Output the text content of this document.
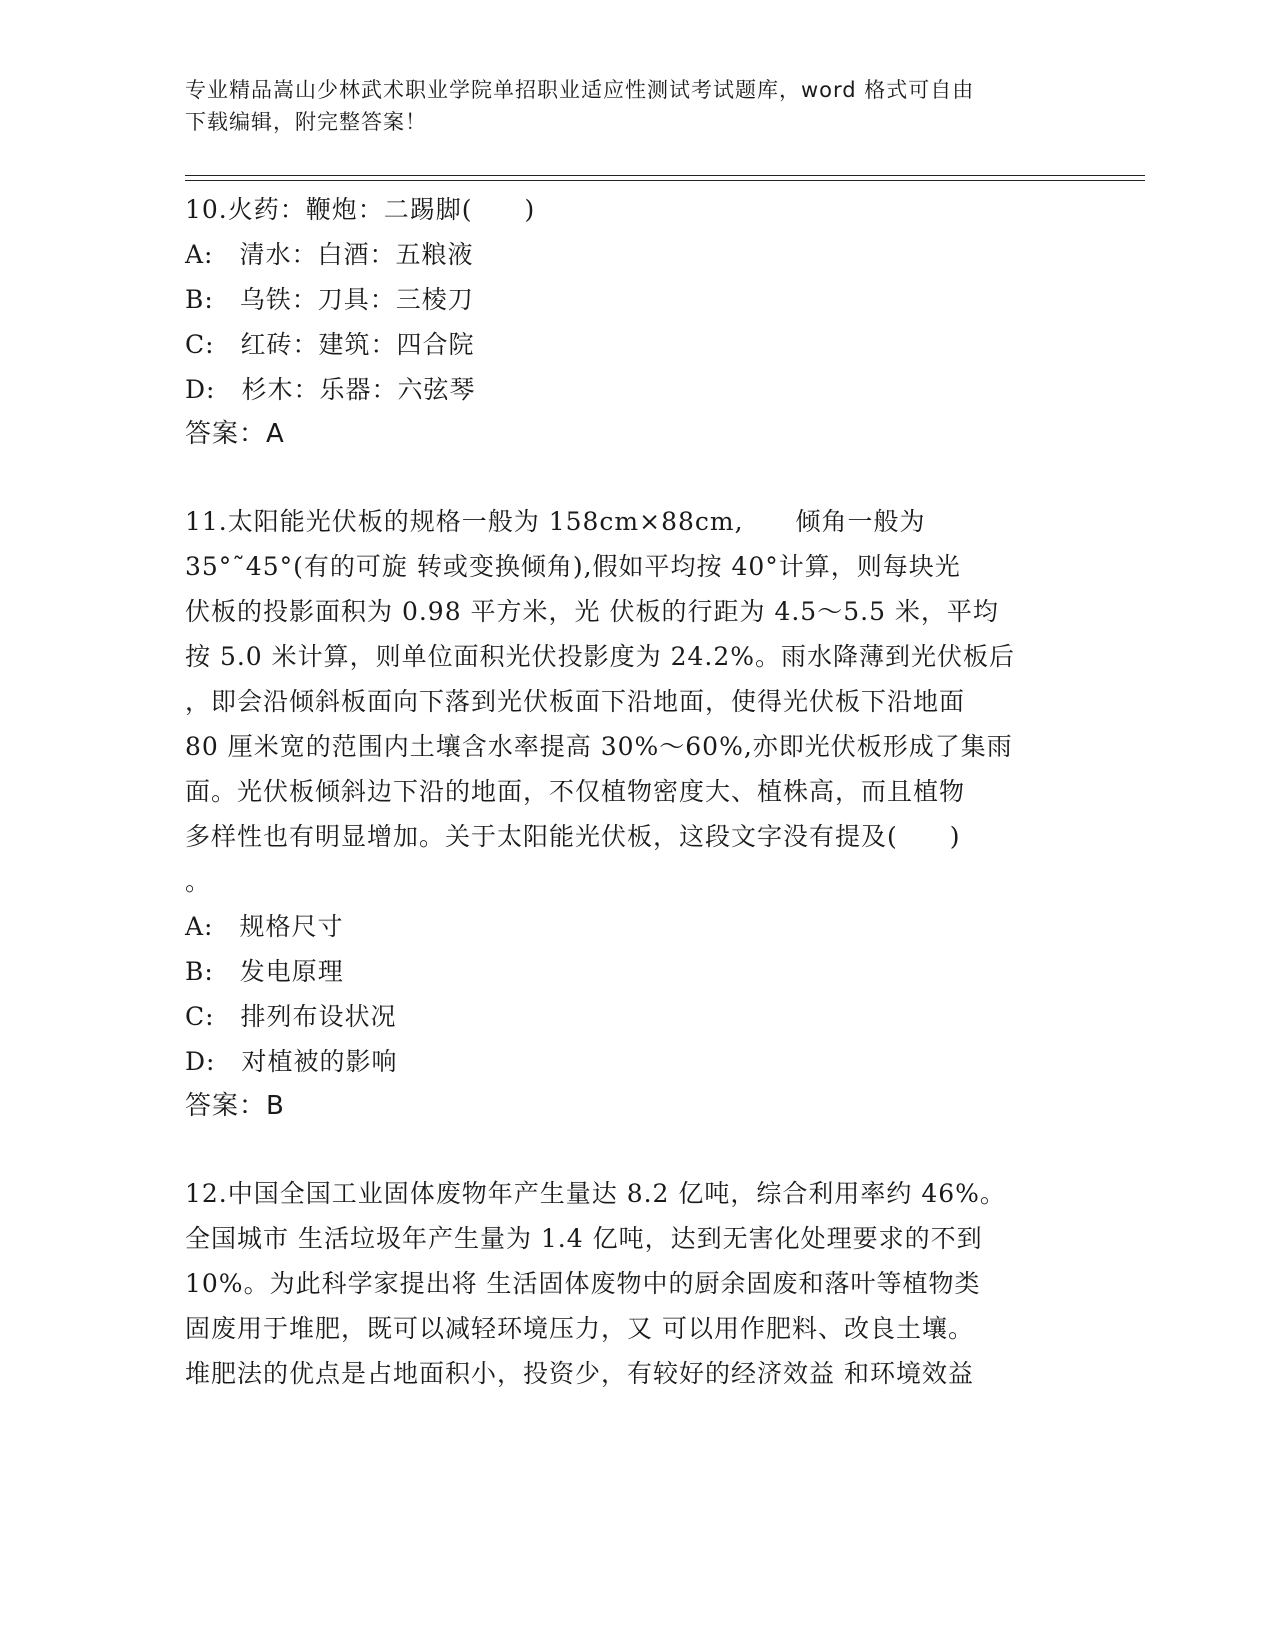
专业精品嵩山少林武术职业学院单招职业适应性测试考试题库，word 格式可自由
下载编辑，附完整答案！
10.火药：鞭炮：二踢脚(　　)
A:　清水：白酒：五粮液
B:　乌铁：刀具：三棱刀
C:　红砖：建筑：四合院
D:　杉木：乐器：六弦琴
答案：A
11.太阳能光伏板的规格一般为 158cm×88cm,　　倾角一般为
35°˜45°(有的可旋 转或变换倾角),假如平均按 40°计算，则每块光
伏板的投影面积为 0.98 平方米，光 伏板的行距为 4.5～5.5 米，平均
按 5.0 米计算，则单位面积光伏投影度为 24.2%。雨水降薄到光伏板后
，即会沿倾斜板面向下落到光伏板面下沿地面，使得光伏板下沿地面
80 厘米宽的范围内土壤含水率提高 30%～60%,亦即光伏板形成了集雨
面。光伏板倾斜边下沿的地面，不仅植物密度大、植株高，而且植物
多样性也有明显增加。关于太阳能光伏板，这段文字没有提及(　　)
。
A:　规格尺寸
B:　发电原理
C:　排列布设状况
D:　对植被的影响
答案：B
12.中国全国工业固体废物年产生量达 8.2 亿吨，综合利用率约 46%。
全国城市 生活垃圾年产生量为 1.4 亿吨，达到无害化处理要求的不到
10%。为此科学家提出将 生活固体废物中的厨余固废和落叶等植物类
固废用于堆肥，既可以减轻环境压力，又 可以用作肥料、改良土壤。
堆肥法的优点是占地面积小，投资少，有较好的经济效益 和环境效益
